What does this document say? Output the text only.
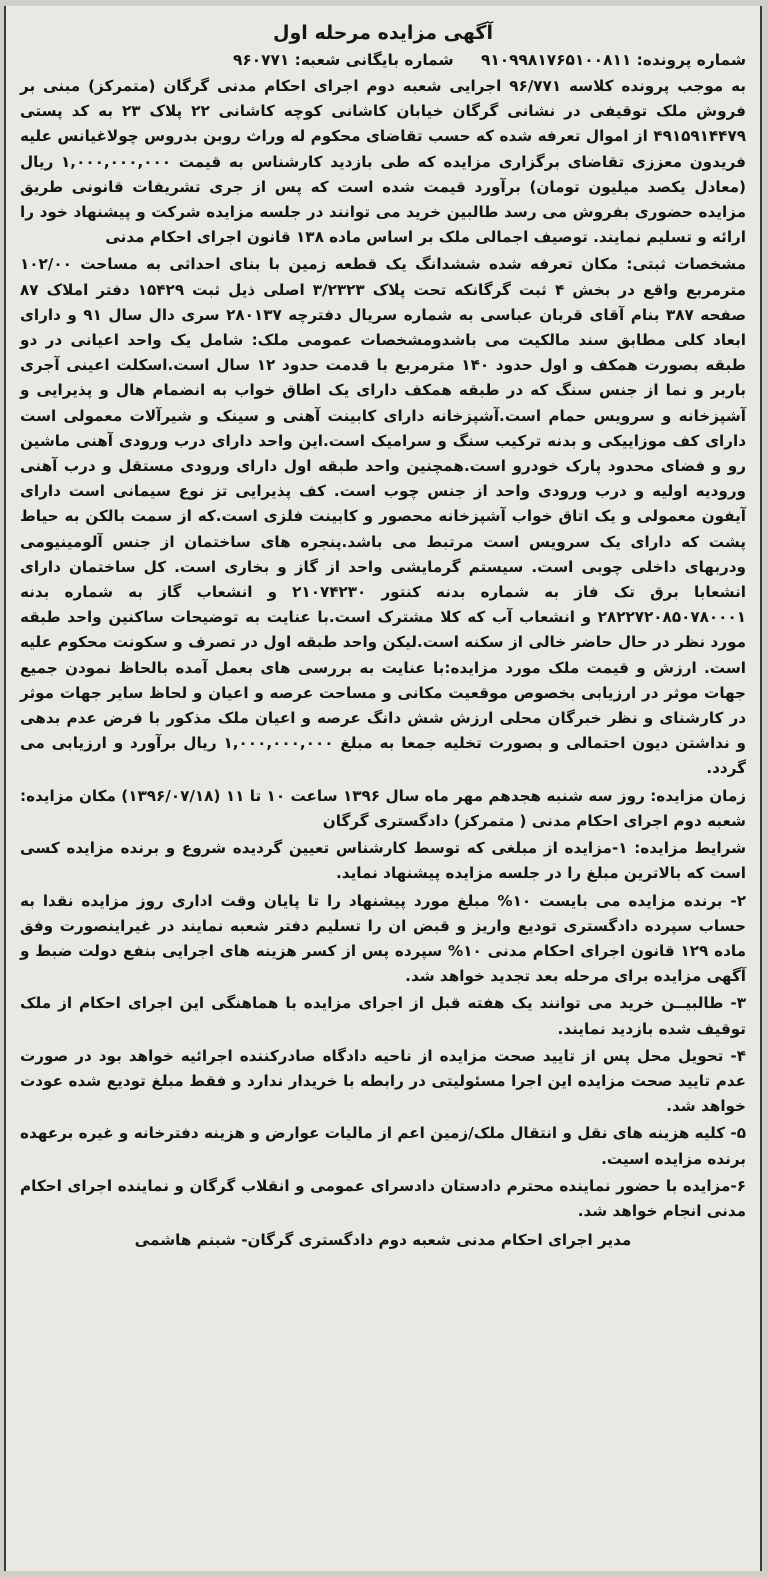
آگهی مزایده مرحله اول
شماره پرونده: ۹۱۰۹۹۸۱۷۶۵۱۰۰۸۱۱ شماره بایگانی شعبه: ۹۶۰۷۷۱

به موجب پرونده کلاسه ۹۶/۷۷۱ اجرایی شعبه دوم اجرای احکام مدنی گرگان (متمرکز) مبنی بر فروش ملک توقیفی در نشانی گرگان خیابان کاشانی کوچه کاشانی ۲۲ پلاک ۲۳ به کد پستی ۴۹۱۵۹۱۴۴۷۹ از اموال تعرفه شده که حسب تقاضای محکوم له وراث روبن بدروس چولاغیانس علیه فریدون معززی تقاضای برگزاری مزایده که طی بازدید کارشناس به قیمت ۱,۰۰۰,۰۰۰,۰۰۰ ریال (معادل یکصد میلیون تومان) برآورد قیمت شده است که پس از جری تشریفات قانونی طریق مزایده حضوری بفروش می رسد طالبین خرید می توانند در جلسه مزایده شرکت و پیشنهاد خود را ارائه و تسلیم نمایند. توصیف اجمالی ملک بر اساس ماده ۱۳۸ قانون اجرای احکام مدنی

مشخصات ثبتی: مکان تعرفه شده ششدانگ یک قطعه زمین با بنای احداثی به مساحت ۱۰۲/۰۰ مترمربع واقع در بخش ۴ ثبت گرگانکه تحت پلاک ۳/۲۳۲۳ اصلی ذیل ثبت ۱۵۴۲۹ دفتر املاک ۸۷ صفحه ۳۸۷ بنام آقای قربان عباسی به شماره سریال دفترچه ۲۸۰۱۳۷ سری دال سال ۹۱ و دارای ابعاد کلی مطابق سند مالکیت می باشدومشخصات عمومی ملک: شامل یک واحد اعیانی در دو طبقه بصورت همکف و اول حدود ۱۴۰ مترمربع با قدمت حدود ۱۲ سال است.اسکلت اعینی آجری باربر و نما از جنس سنگ که در طبقه همکف دارای یک اطاق خواب به انضمام هال و پذیرایی و آشپزخانه و سرویس حمام است.آشپزخانه دارای کابینت آهنی و سینک و شیرآلات معمولی است دارای کف موزاییکی و بدنه ترکیب سنگ و سرامیک است.این واحد دارای درب ورودی آهنی ماشین رو و فضای محدود پارک خودرو است.همچنین واحد طبقه اول دارای ورودی مستقل و درب آهنی ورودیه اولیه و درب ورودی واحد از جنس چوب است. کف پذیرایی تز نوع سیمانی است دارای آیفون معمولی و یک اتاق خواب آشپزخانه محصور و کابینت فلزی است.که از سمت بالکن به حیاط پشت که دارای یک سرویس است مرتبط می باشد.پنجره های ساختمان از جنس آلومینیومی ودربهای داخلی چوبی است. سیستم گرمایشی واحد از گاز و بخاری است. کل ساختمان دارای انشعابا برق تک فاز به شماره بدنه کنتور ۲۱۰۷۴۲۳۰ و انشعاب گاز به شماره بدنه ۲۸۲۲۷۲۰۸۵۰۷۸۰۰۰۱ و انشعاب آب که کلا مشترک است.با عنایت به توضیحات ساکنین واحد طبقه مورد نظر در حال حاضر خالی از سکنه است.لیکن واحد طبقه اول در تصرف و سکونت محکوم علیه است. ارزش و قیمت ملک مورد مزایده:با عنایت به بررسی های بعمل آمده بالحاظ نمودن جمیع جهات موثر در ارزیابی بخصوص موقعیت مکانی و مساحت عرصه و اعیان و لحاظ سایر جهات موثر در کارشنای و نظر خبرگان محلی ارزش شش دانگ عرصه و اعیان ملک مذکور با فرض عدم بدهی و نداشتن دیون احتمالی و بصورت تخلیه جمعا به مبلغ ۱,۰۰۰,۰۰۰,۰۰۰ ریال برآورد و ارزیابی می گردد.

زمان مزایده: روز سه شنبه هجدهم مهر ماه سال ۱۳۹۶ ساعت ۱۰ تا ۱۱ (۱۳۹۶/۰۷/۱۸) مکان مزایده: شعبه دوم اجرای احکام مدنی ( متمرکز) دادگستری گرگان

شرایط مزایده: ۱-مزایده از مبلغی که توسط کارشناس تعیین گردیده شروع و برنده مزایده کسی است که بالاترین مبلغ را در جلسه مزایده پیشنهاد نماید.

۲- برنده مزایده می بایست ۱۰% مبلغ مورد پیشنهاد را تا پایان وقت اداری روز مزایده نقدا به حساب سپرده دادگستری تودیع واریز و قبض ان را تسلیم دفتر شعبه نمایند در غیراینصورت وفق ماده ۱۲۹ قانون اجرای احکام مدنی ۱۰% سپرده پس از کسر هزینه های اجرایی بنفع دولت ضبط و آگهی مزایده برای مرحله بعد تجدید خواهد شد.

۳- طالبیــن خرید می توانند یک هفته قبل از اجرای مزایده با هماهنگی این اجرای احکام از ملک توقیف شده بازدید نمایند.

۴- تحویل محل پس از تایید صحت مزایده از ناحیه دادگاه صادرکننده اجرائیه خواهد بود در صورت عدم تایید صحت مزایده این اجرا مسئولیتی در رابطه با خریدار ندارد و فقط مبلغ تودیع شده عودت خواهد شد.

۵- کلیه هزینه های نقل و انتقال ملک/زمین اعم از مالیات عوارض و هزینه دفترخانه و غیره برعهده برنده مزایده اسیت.

۶-مزایده با حضور نماینده محترم دادستان دادسرای عمومی و انقلاب گرگان و نماینده اجرای احکام مدنی انجام خواهد شد.

مدیر اجرای احکام مدنی شعبه دوم دادگستری گرگان- شبنم هاشمی
